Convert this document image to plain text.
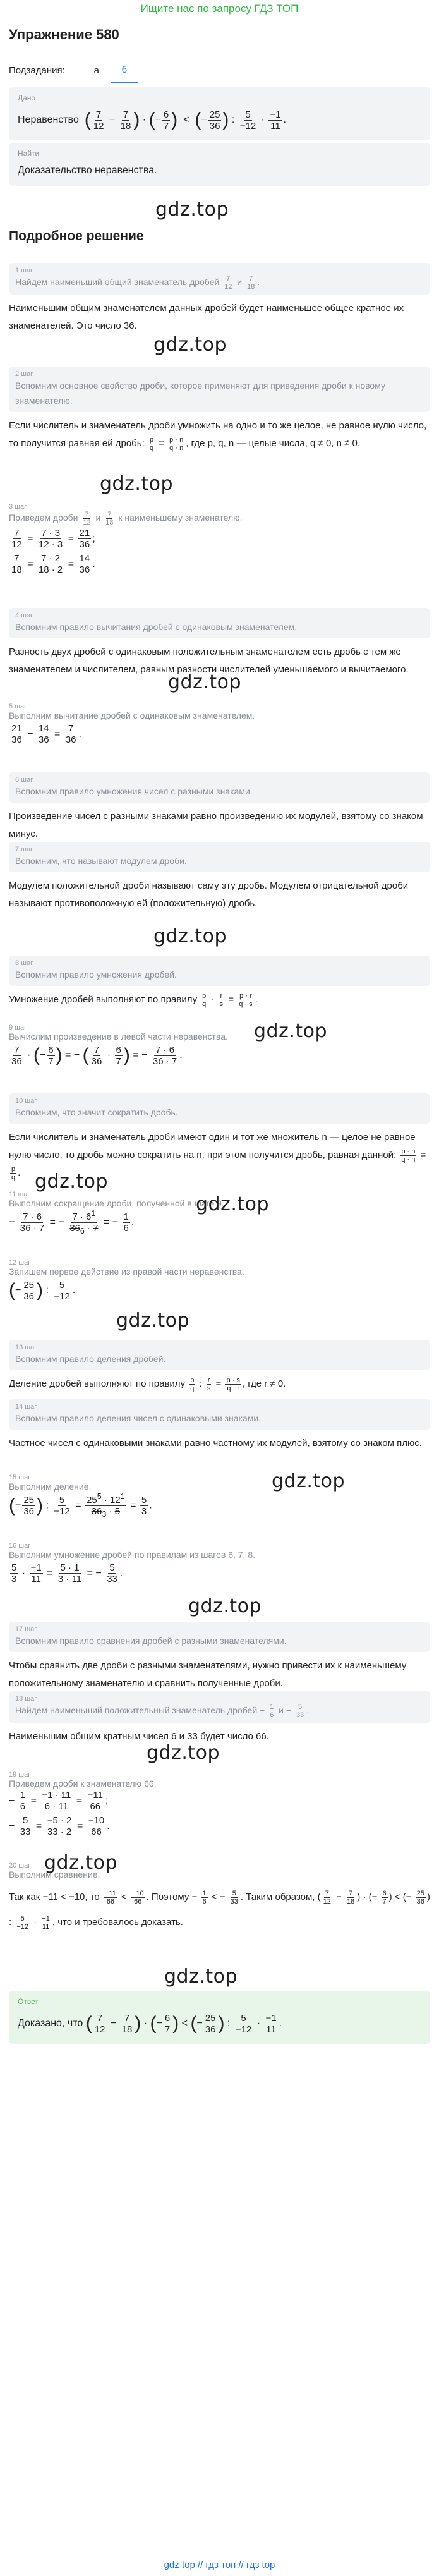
Ищите нас по запросу ГДЗ ТОП
Упражнение 580
Подзадания:	а	б
Дано
Неравенство ( $\frac{7}{12} - \frac{7}{18}$ ) · (− $\frac{6}{7}$ )  <  (− $\frac{25}{36}$ ) : $\frac{5}{-12} \cdot \frac{-1}{11}$ .
Найти
Доказательство неравенства.
gdz.top
Подробное решение
1 шаг
Найдем наименьший общий знаменатель дробей $\frac{7}{12}$ и $\frac{7}{18}$ .
Наименьшим общим знаменателем данных дробей будет наименьшее общее кратное их знаменателей. Это число 36.
gdz.top
2 шаг
Вспомним основное свойство дроби, которое применяют для приведения дроби к новому знаменателю.
Если числитель и знаменатель дроби умножить на одно и то же целое, не равное нулю число, то получится равная ей дробь: $\frac{p}{q} = \frac{p \cdot n}{q \cdot n}$ , где p, q, n — целые числа, q ≠ 0, n ≠ 0.
gdz.top
3 шаг
Приведем дроби $\frac{7}{12}$ и $\frac{7}{18}$ к наименьшему знаменателю.
$\frac{7}{12} = \frac{7 \cdot 3}{12 \cdot 3} = \frac{21}{36}$ ;
$\frac{7}{18} = \frac{7 \cdot 2}{18 \cdot 2} = \frac{14}{36}$ .
4 шаг
Вспомним правило вычитания дробей с одинаковым знаменателем.
Разность двух дробей с одинаковым положительным знаменателем есть дробь с тем же знаменателем и числителем, равным разности числителей уменьшаемого и вычитаемого.
gdz.top
5 шаг
Выполним вычитание дробей с одинаковым знаменателем.
$\frac{21}{36} - \frac{14}{36} = \frac{7}{36}$ .
6 шаг
Вспомним правило умножения чисел с разными знаками.
Произведение чисел с разными знаками равно произведению их модулей, взятому со знаком минус.
7 шаг
Вспомним, что называют модулем дроби.
Модулем положительной дроби называют саму эту дробь. Модулем отрицательной дроби называют противоположную ей (положительную) дробь.
gdz.top
8 шаг
Вспомним правило умножения дробей.
Умножение дробей выполняют по правилу $\frac{p}{q} \cdot \frac{r}{s} = \frac{p \cdot r}{q \cdot s}$ .
gdz.top
9 шаг
Вычислим произведение в левой части неравенства.
$\frac{7}{36}$ · (− $\frac{6}{7}$ ) = − ( $\frac{7}{36} \cdot \frac{6}{7}$ ) = − $\frac{7 \cdot 6}{36 \cdot 7}$ .
10 шаг
Вспомним, что значит сократить дробь.
Если числитель и знаменатель дроби имеют один и тот же множитель n — целое не равное нулю число, то дробь можно сократить на n, при этом получится дробь, равная данной: $\frac{p \cdot n}{q \cdot n}$ =
$\frac{p}{q}$ . gdz.top
11 шаг
Выполним сокращение дроби, полученной в шаге 9.
− $\frac{7 \cdot 6}{36 \cdot 7}$ = − $\frac{7 \cdot 6^1}{36_6 \cdot 7}$ = − $\frac{1}{6}$ .
gdz.top
12 шаг
Запишем первое действие из правой части неравенства.
(− $\frac{25}{36}$ ) : $\frac{5}{-12}$ .
gdz.top
13 шаг
Вспомним правило деления дробей.
Деление дробей выполняют по правилу $\frac{p}{q}$ : $\frac{r}{s} = \frac{p \cdot s}{q \cdot r}$ , где r ≠ 0.
14 шаг
Вспомним правило деления чисел с одинаковыми знаками.
Частное чисел с одинаковыми знаками равно частному их модулей, взятому со знаком плюс.
gdz.top
15 шаг
Выполним деление.
(− $\frac{25}{36}$ ) : $\frac{5}{-12} = \frac{25^5 \cdot 12^1}{36_3 \cdot 5} = \frac{5}{3}$ .
16 шаг
Выполним умножение дробей по правилам из шагов 6, 7, 8.
$\frac{5}{3} \cdot \frac{-1}{11} = \frac{5 \cdot 1}{3 \cdot 11}$ = − $\frac{5}{33}$ .
gdz.top
17 шаг
Вспомним правило сравнения дробей с разными знаменателями.
Чтобы сравнить две дроби с разными знаменателями, нужно привести их к наименьшему положительному знаменателю и сравнить полученные дроби.
18 шаг
Найдем наименьший положительный знаменатель дробей − $\frac{1}{6}$ $и - \frac{5}{33}$ .
Наименьшим общим кратным чисел 6 и 33 будет число 66.
gdz.top
19 шаг
Приведем дроби к знаменателю 66.
− $\frac{1}{6} = \frac{-1 \cdot 11}{6 \cdot 11} = \frac{-11}{66}$ ;
− $\frac{5}{33} = \frac{-5 \cdot 2}{33 \cdot 2} = \frac{-10}{66}$ .
gdz.top
20 шаг
Выполним сравнение.
Так как −11 < −10, то $\frac{-11}{66} < \frac{-10}{66}$ . Поэтому − $\frac{1}{6}$ < − $\frac{5}{33}$ . Таким образом, ( $\frac{7}{12} - \frac{7}{18}$ ) · (− $\frac{6}{7}$ ) < (− $\frac{25}{36}$ ) : $\frac{5}{-12} \cdot \frac{-1}{11}$ , что и требовалось доказать.
gdz.top
Ответ
Доказано, что ( $\frac{7}{12} - \frac{7}{18}$ ) · (− $\frac{6}{7}$ ) < (− $\frac{25}{36}$ ) : $\frac{5}{-12} \cdot \frac{-1}{11}$ .
gdz top // гдз топ // гдз top
